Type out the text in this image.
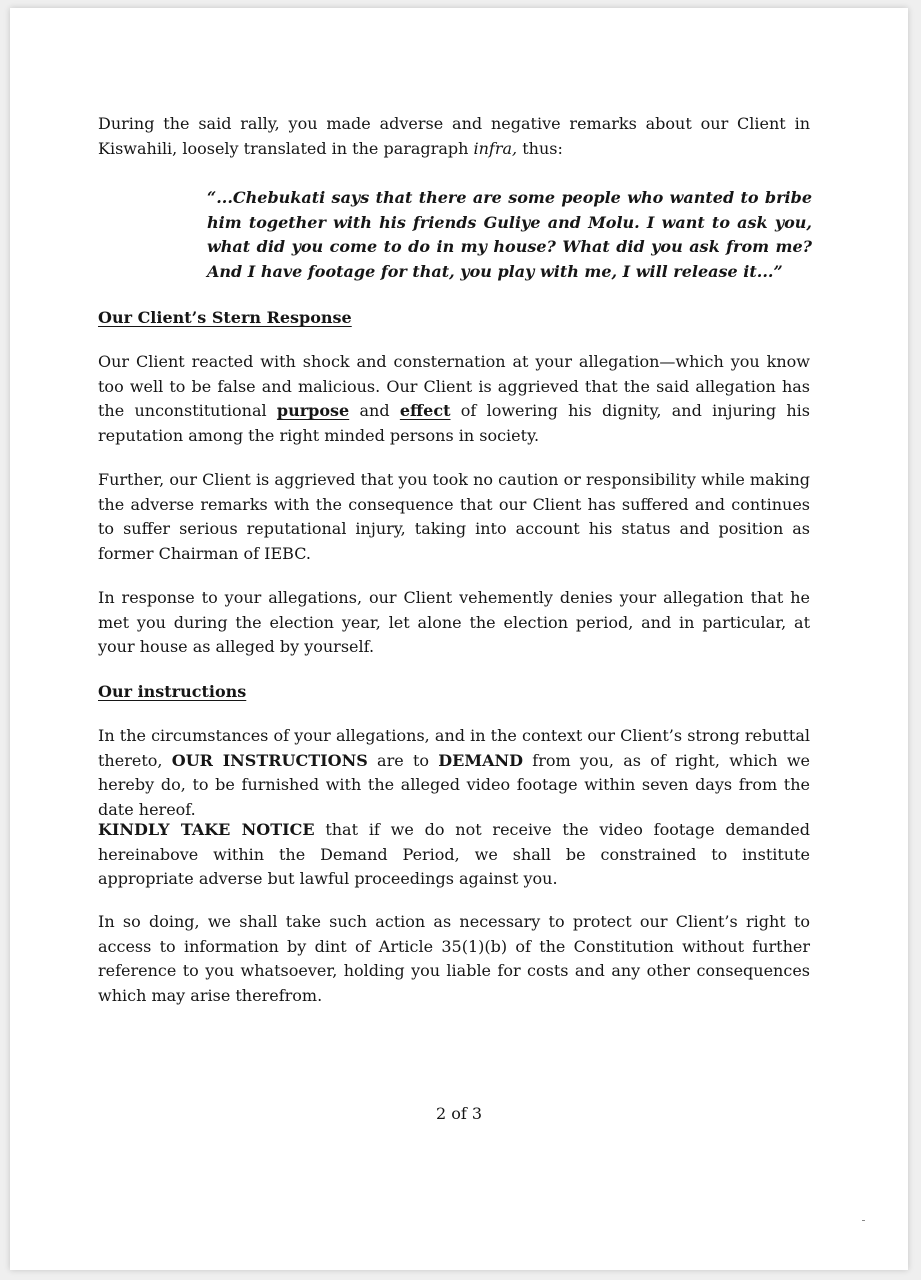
During the said rally, you made adverse and negative remarks about our Client in Kiswahili, loosely translated in the paragraph infra, thus:

“...Chebukati says that there are some people who wanted to bribe him together with his friends Guliye and Molu. I want to ask you, what did you come to do in my house? What did you ask from me? And I have footage for that, you play with me, I will release it...”

Our Client’s Stern Response

Our Client reacted with shock and consternation at your allegation—which you know too well to be false and malicious. Our Client is aggrieved that the said allegation has the unconstitutional purpose and effect of lowering his dignity, and injuring his reputation among the right minded persons in society.

Further, our Client is aggrieved that you took no caution or responsibility while making the adverse remarks with the consequence that our Client has suffered and continues to suffer serious reputational injury, taking into account his status and position as former Chairman of IEBC.

In response to your allegations, our Client vehemently denies your allegation that he met you during the election year, let alone the election period, and in particular, at your house as alleged by yourself.

Our instructions

In the circumstances of your allegations, and in the context our Client’s strong rebuttal thereto, OUR INSTRUCTIONS are to DEMAND from you, as of right, which we hereby do, to be furnished with the alleged video footage within seven days from the date hereof.

KINDLY TAKE NOTICE that if we do not receive the video footage demanded hereinabove within the Demand Period, we shall be constrained to institute appropriate adverse but lawful proceedings against you.

In so doing, we shall take such action as necessary to protect our Client’s right to access to information by dint of Article 35(1)(b) of the Constitution without further reference to you whatsoever, holding you liable for costs and any other consequences which may arise therefrom.

2 of 3
